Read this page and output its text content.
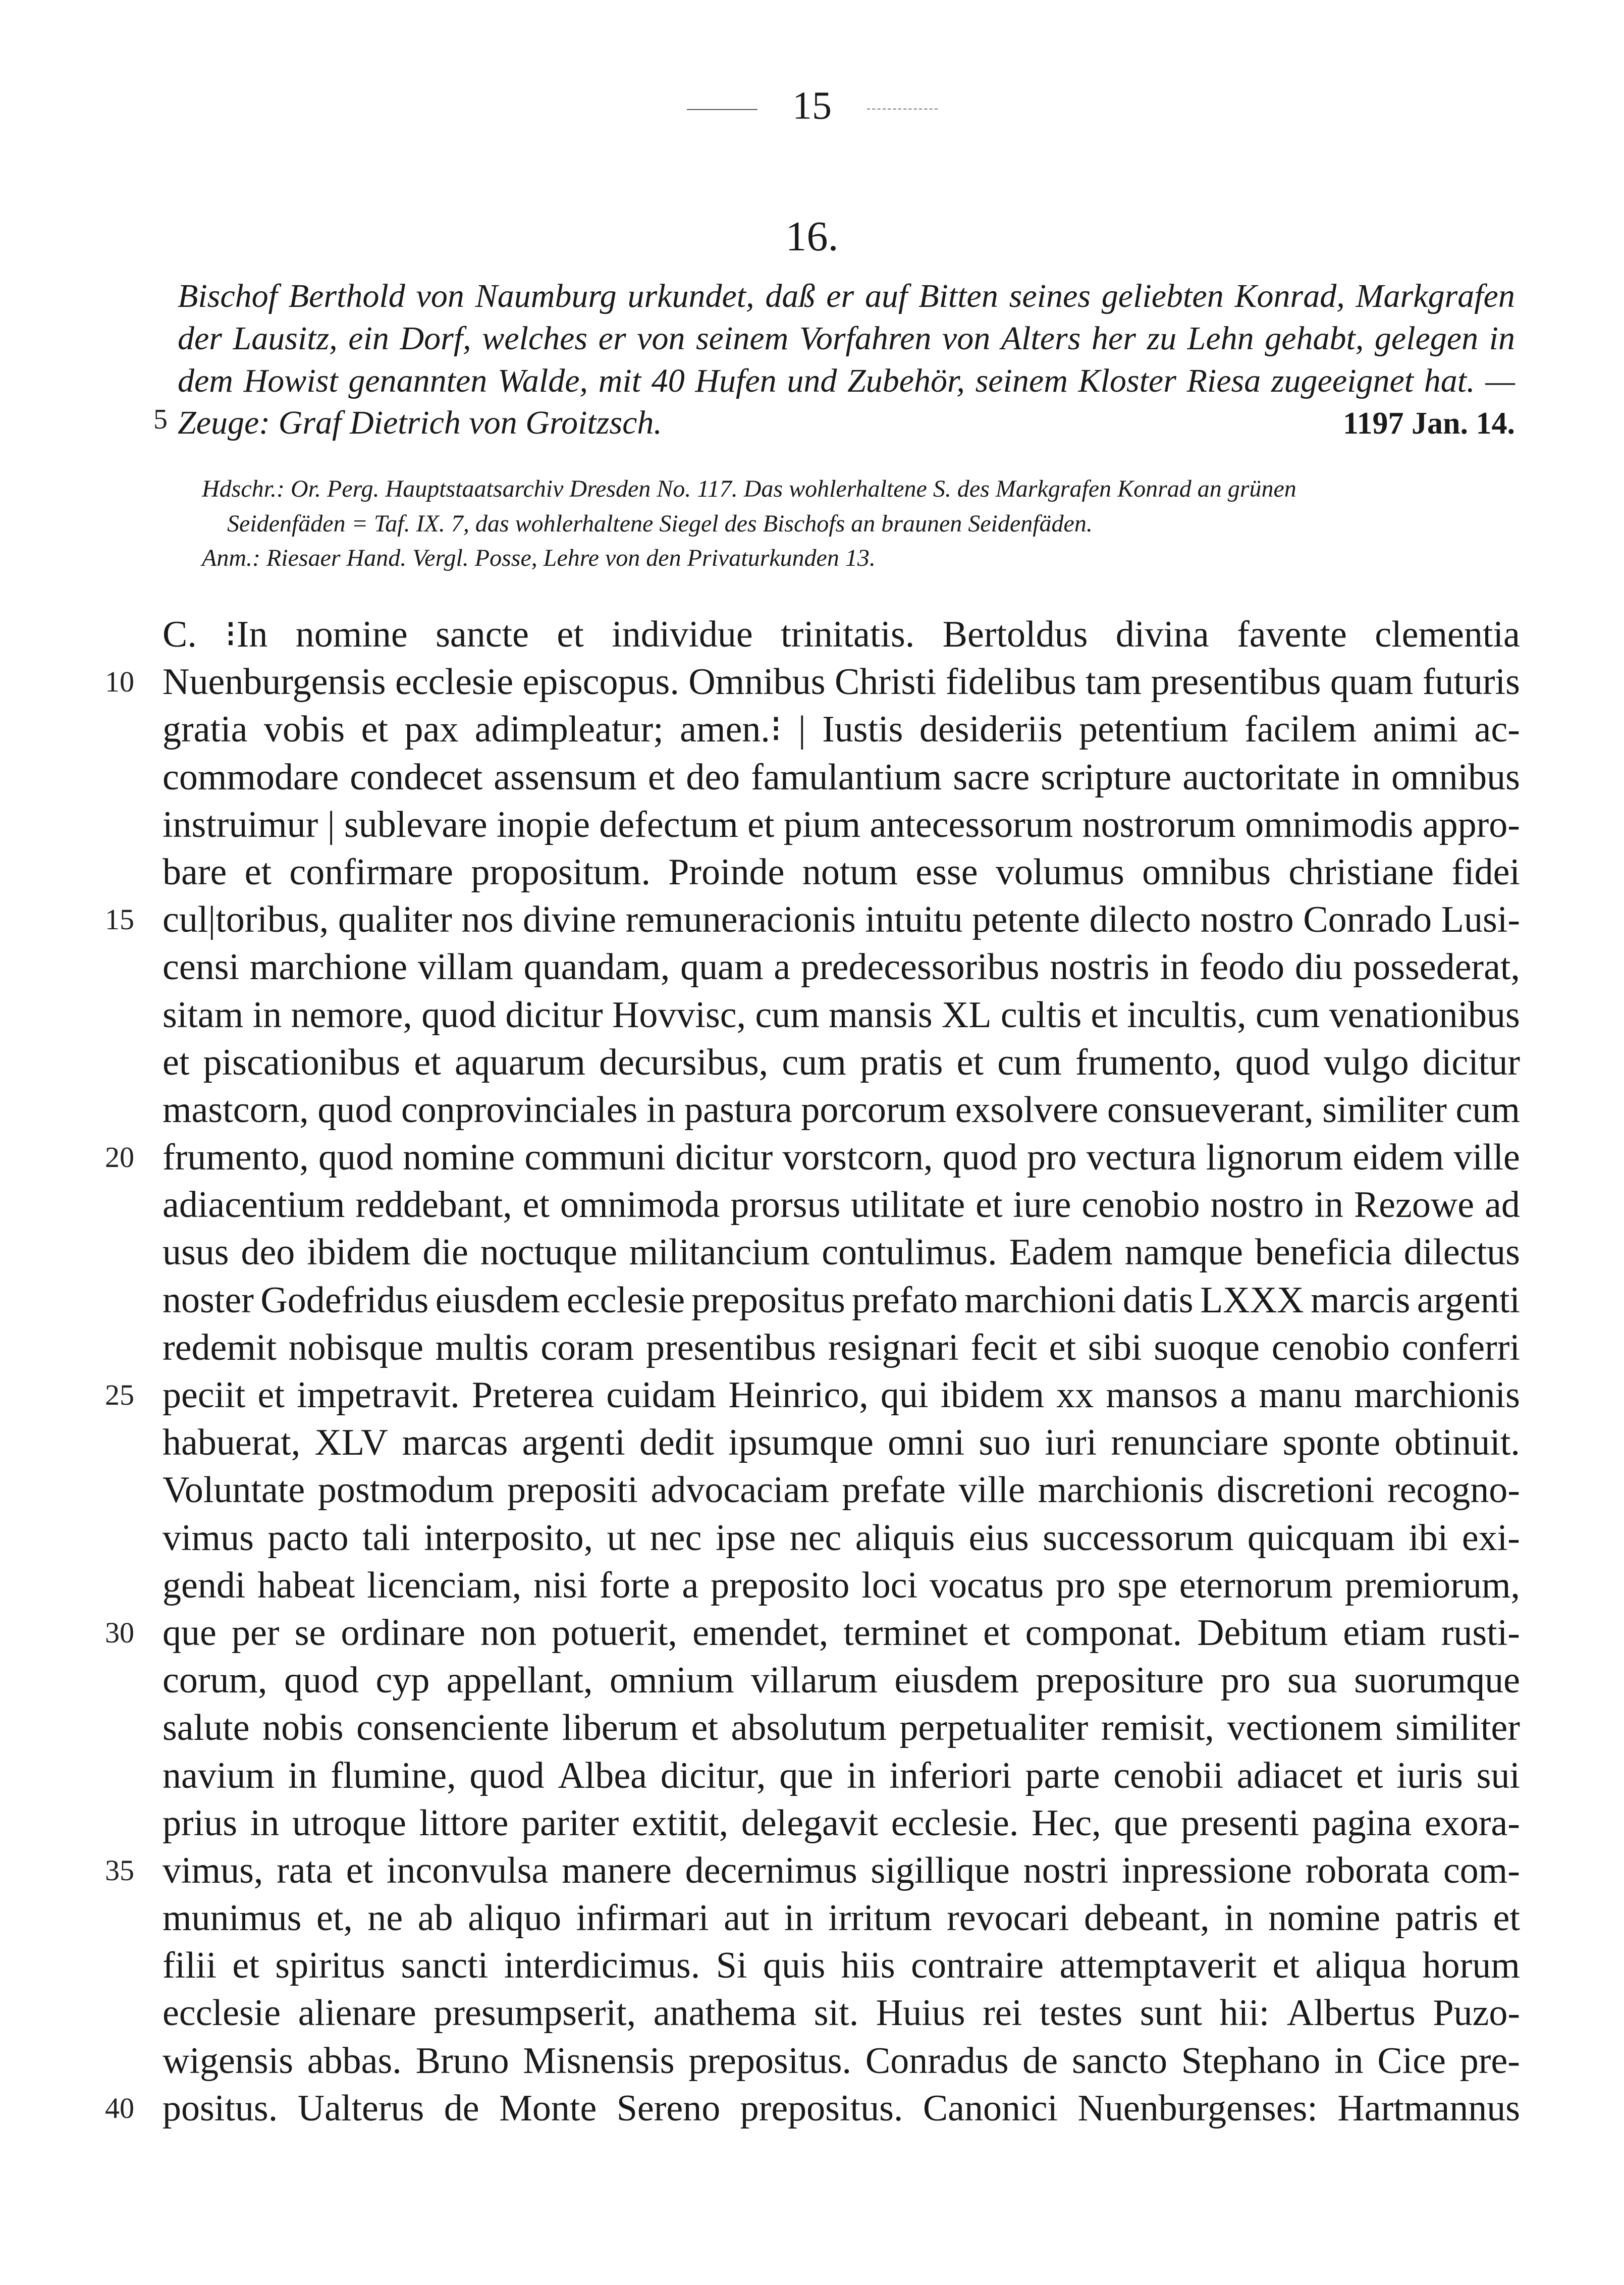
15
16.
Bischof Berthold von Naumburg urkundet, daß er auf Bitten seines geliebten Konrad, Markgrafen
der Lausitz, ein Dorf, welches er von seinem Vorfahren von Alters her zu Lehn gehabt, gelegen in
dem Howist genannten Walde, mit 40 Hufen und Zubehör, seinem Kloster Riesa zugeeignet hat. —
5 Zeuge: Graf Dietrich von Groitzsch.	1197 Jan. 14.
Hdschr.: Or. Perg. Hauptstaatsarchiv Dresden No. 117. Das wohlerhaltene S. des Markgrafen Konrad an grünen
Seidenfäden = Taf. IX. 7, das wohlerhaltene Siegel des Bischofs an braunen Seidenfäden.
Anm.: Riesaer Hand. Vergl. Posse, Lehre von den Privaturkunden 13.
C. ⁝In nomine sancte et individue trinitatis. Bertoldus divina favente clementia
10 Nuenburgensis ecclesie episcopus. Omnibus Christi fidelibus tam presentibus quam futuris
gratia vobis et pax adimpleatur; amen.⁝ | Iustis desideriis petentium facilem animi ac-
commodare condecet assensum et deo famulantium sacre scripture auctoritate in omnibus
instruimur | sublevare inopie defectum et pium antecessorum nostrorum omnimodis appro-
bare et confirmare propositum. Proinde notum esse volumus omnibus christiane fidei
15 cul|toribus, qualiter nos divine remuneracionis intuitu petente dilecto nostro Conrado Lusi-
censi marchione villam quandam, quam a predecessoribus nostris in feodo diu possederat,
sitam in nemore, quod dicitur Hovvisc, cum mansis XL cultis et incultis, cum venationibus
et piscationibus et aquarum decursibus, cum pratis et cum frumento, quod vulgo dicitur
mastcorn, quod conprovinciales in pastura porcorum exsolvere consueverant, similiter cum
20 frumento, quod nomine communi dicitur vorstcorn, quod pro vectura lignorum eidem ville
adiacentium reddebant, et omnimoda prorsus utilitate et iure cenobio nostro in Rezowe ad
usus deo ibidem die noctuque militancium contulimus. Eadem namque beneficia dilectus
noster Godefridus eiusdem ecclesie prepositus prefato marchioni datis LXXX marcis argenti
redemit nobisque multis coram presentibus resignari fecit et sibi suoque cenobio conferri
25 peciit et impetravit. Preterea cuidam Heinrico, qui ibidem xx mansos a manu marchionis
habuerat, XLV marcas argenti dedit ipsumque omni suo iuri renunciare sponte obtinuit.
Voluntate postmodum prepositi advocaciam prefate ville marchionis discretioni recogno-
vimus pacto tali interposito, ut nec ipse nec aliquis eius successorum quicquam ibi exi-
gendi habeat licenciam, nisi forte a preposito loci vocatus pro spe eternorum premiorum,
30 que per se ordinare non potuerit, emendet, terminet et componat. Debitum etiam rusti-
corum, quod cyp appellant, omnium villarum eiusdem prepositure pro sua suorumque
salute nobis consenciente liberum et absolutum perpetualiter remisit, vectionem similiter
navium in flumine, quod Albea dicitur, que in inferiori parte cenobii adiacet et iuris sui
prius in utroque littore pariter extitit, delegavit ecclesie. Hec, que presenti pagina exora-
35 vimus, rata et inconvulsa manere decernimus sigillique nostri inpressione roborata com-
munimus et, ne ab aliquo infirmari aut in irritum revocari debeant, in nomine patris et
filii et spiritus sancti interdicimus. Si quis hiis contraire attemptaverit et aliqua horum
ecclesie alienare presumpserit, anathema sit. Huius rei testes sunt hii: Albertus Puzo-
wigensis abbas. Bruno Misnensis prepositus. Conradus de sancto Stephano in Cice pre-
40 positus. Ualterus de Monte Sereno prepositus. Canonici Nuenburgenses: Hartmannus
